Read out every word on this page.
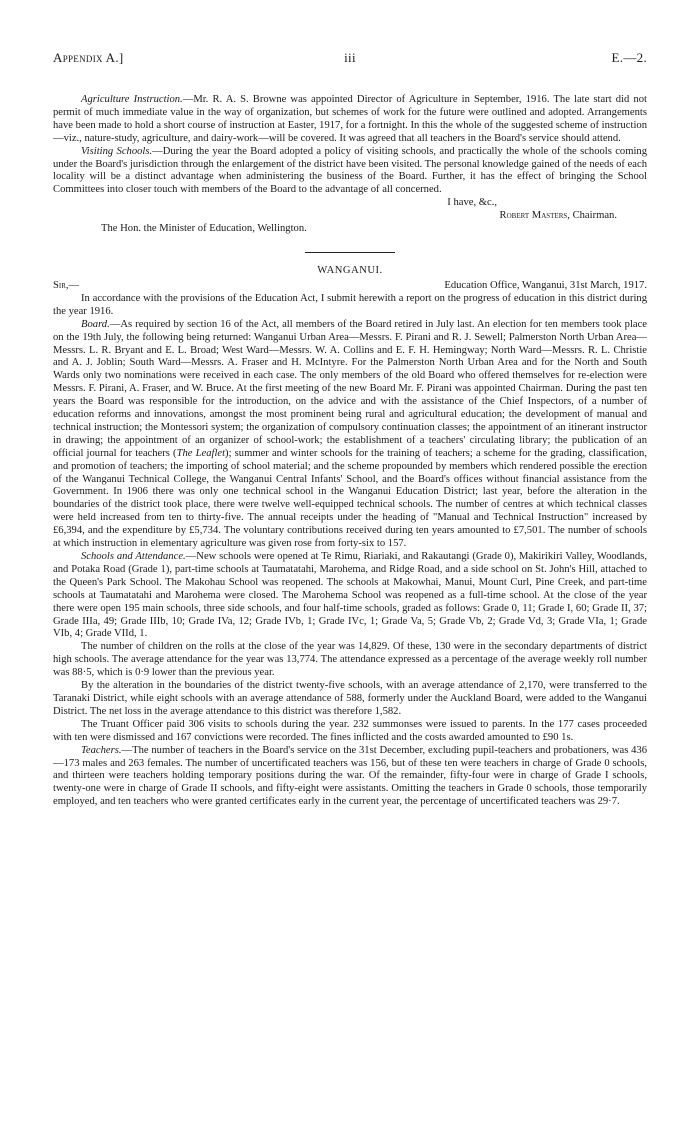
Appendix A.]	iii	E.—2.

Agriculture Instruction.—Mr. R. A. S. Browne was appointed Director of Agriculture in September, 1916. The late start did not permit of much immediate value in the way of organization, but schemes of work for the future were outlined and adopted. Arrangements have been made to hold a short course of instruction at Easter, 1917, for a fortnight. In this the whole of the suggested scheme of instruction—viz., nature-study, agriculture, and dairy-work—will be covered. It was agreed that all teachers in the Board's service should attend.

Visiting Schools.—During the year the Board adopted a policy of visiting schools, and practically the whole of the schools coming under the Board's jurisdiction through the enlargement of the district have been visited. The personal knowledge gained of the needs of each locality will be a distinct advantage when administering the business of the Board. Further, it has the effect of bringing the School Committees into closer touch with members of the Board to the advantage of all concerned.

I have, &c.,

Robert Masters, Chairman.

The Hon. the Minister of Education, Wellington.

WANGANUI.
Sir,—	Education Office, Wanganui, 31st March, 1917.

In accordance with the provisions of the Education Act, I submit herewith a report on the progress of education in this district during the year 1916.

Board.—As required by section 16 of the Act, all members of the Board retired in July last. An election for ten members took place on the 19th July, the following being returned: Wanganui Urban Area—Messrs. F. Pirani and R. J. Sewell; Palmerston North Urban Area—Messrs. L. R. Bryant and E. L. Broad; West Ward—Messrs. W. A. Collins and E. F. H. Hemingway; North Ward—Messrs. R. L. Christie and A. J. Joblin; South Ward—Messrs. A. Fraser and H. McIntyre. For the Palmerston North Urban Area and for the North and South Wards only two nominations were received in each case. The only members of the old Board who offered themselves for re-election were Messrs. F. Pirani, A. Fraser, and W. Bruce. At the first meeting of the new Board Mr. F. Pirani was appointed Chairman. During the past ten years the Board was responsible for the introduction, on the advice and with the assistance of the Chief Inspectors, of a number of education reforms and innovations, amongst the most prominent being rural and agricultural education; the development of manual and technical instruction; the Montessori system; the organization of compulsory continuation classes; the appointment of an itinerant instructor in drawing; the appointment of an organizer of school-work; the establishment of a teachers' circulating library; the publication of an official journal for teachers (The Leaflet); summer and winter schools for the training of teachers; a scheme for the grading, classification, and promotion of teachers; the importing of school material; and the scheme propounded by members which rendered possible the erection of the Wanganui Technical College, the Wanganui Central Infants' School, and the Board's offices without financial assistance from the Government. In 1906 there was only one technical school in the Wanganui Education District; last year, before the alteration in the boundaries of the district took place, there were twelve well-equipped technical schools. The number of centres at which technical classes were held increased from ten to thirty-five. The annual receipts under the heading of "Manual and Technical Instruction" increased by £6,394, and the expenditure by £5,734. The voluntary contributions received during ten years amounted to £7,501. The number of schools at which instruction in elementary agriculture was given rose from forty-six to 157.

Schools and Attendance.—New schools were opened at Te Rimu, Riariaki, and Rakautangi (Grade 0), Makirikiri Valley, Woodlands, and Potaka Road (Grade 1), part-time schools at Taumatatahi, Marohema, and Ridge Road, and a side school on St. John's Hill, attached to the Queen's Park School. The Makohau School was reopened. The schools at Makowhai, Manui, Mount Curl, Pine Creek, and part-time schools at Taumatatahi and Marohema were closed. The Marohema School was reopened as a full-time school. At the close of the year there were open 195 main schools, three side schools, and four half-time schools, graded as follows: Grade 0, 11; Grade I, 60; Grade II, 37; Grade IIIa, 49; Grade IIIb, 10; Grade IVa, 12; Grade IVb, 1; Grade IVc, 1; Grade Va, 5; Grade Vb, 2; Grade Vd, 3; Grade VIa, 1; Grade VIb, 4; Grade VIId, 1.

The number of children on the rolls at the close of the year was 14,829. Of these, 130 were in the secondary departments of district high schools. The average attendance for the year was 13,774. The attendance expressed as a percentage of the average weekly roll number was 88·5, which is 0·9 lower than the previous year.

By the alteration in the boundaries of the district twenty-five schools, with an average attendance of 2,170, were transferred to the Taranaki District, while eight schools with an average attendance of 588, formerly under the Auckland Board, were added to the Wanganui District. The net loss in the average attendance to this district was therefore 1,582.

The Truant Officer paid 306 visits to schools during the year. 232 summonses were issued to parents. In the 177 cases proceeded with ten were dismissed and 167 convictions were recorded. The fines inflicted and the costs awarded amounted to £90 1s.

Teachers.—The number of teachers in the Board's service on the 31st December, excluding pupil-teachers and probationers, was 436—173 males and 263 females. The number of uncertificated teachers was 156, but of these ten were teachers in charge of Grade 0 schools, and thirteen were teachers holding temporary positions during the war. Of the remainder, fifty-four were in charge of Grade I schools, twenty-one were in charge of Grade II schools, and fifty-eight were assistants. Omitting the teachers in Grade 0 schools, those temporarily employed, and ten teachers who were granted certificates early in the current year, the percentage of uncertificated teachers was 29·7.
